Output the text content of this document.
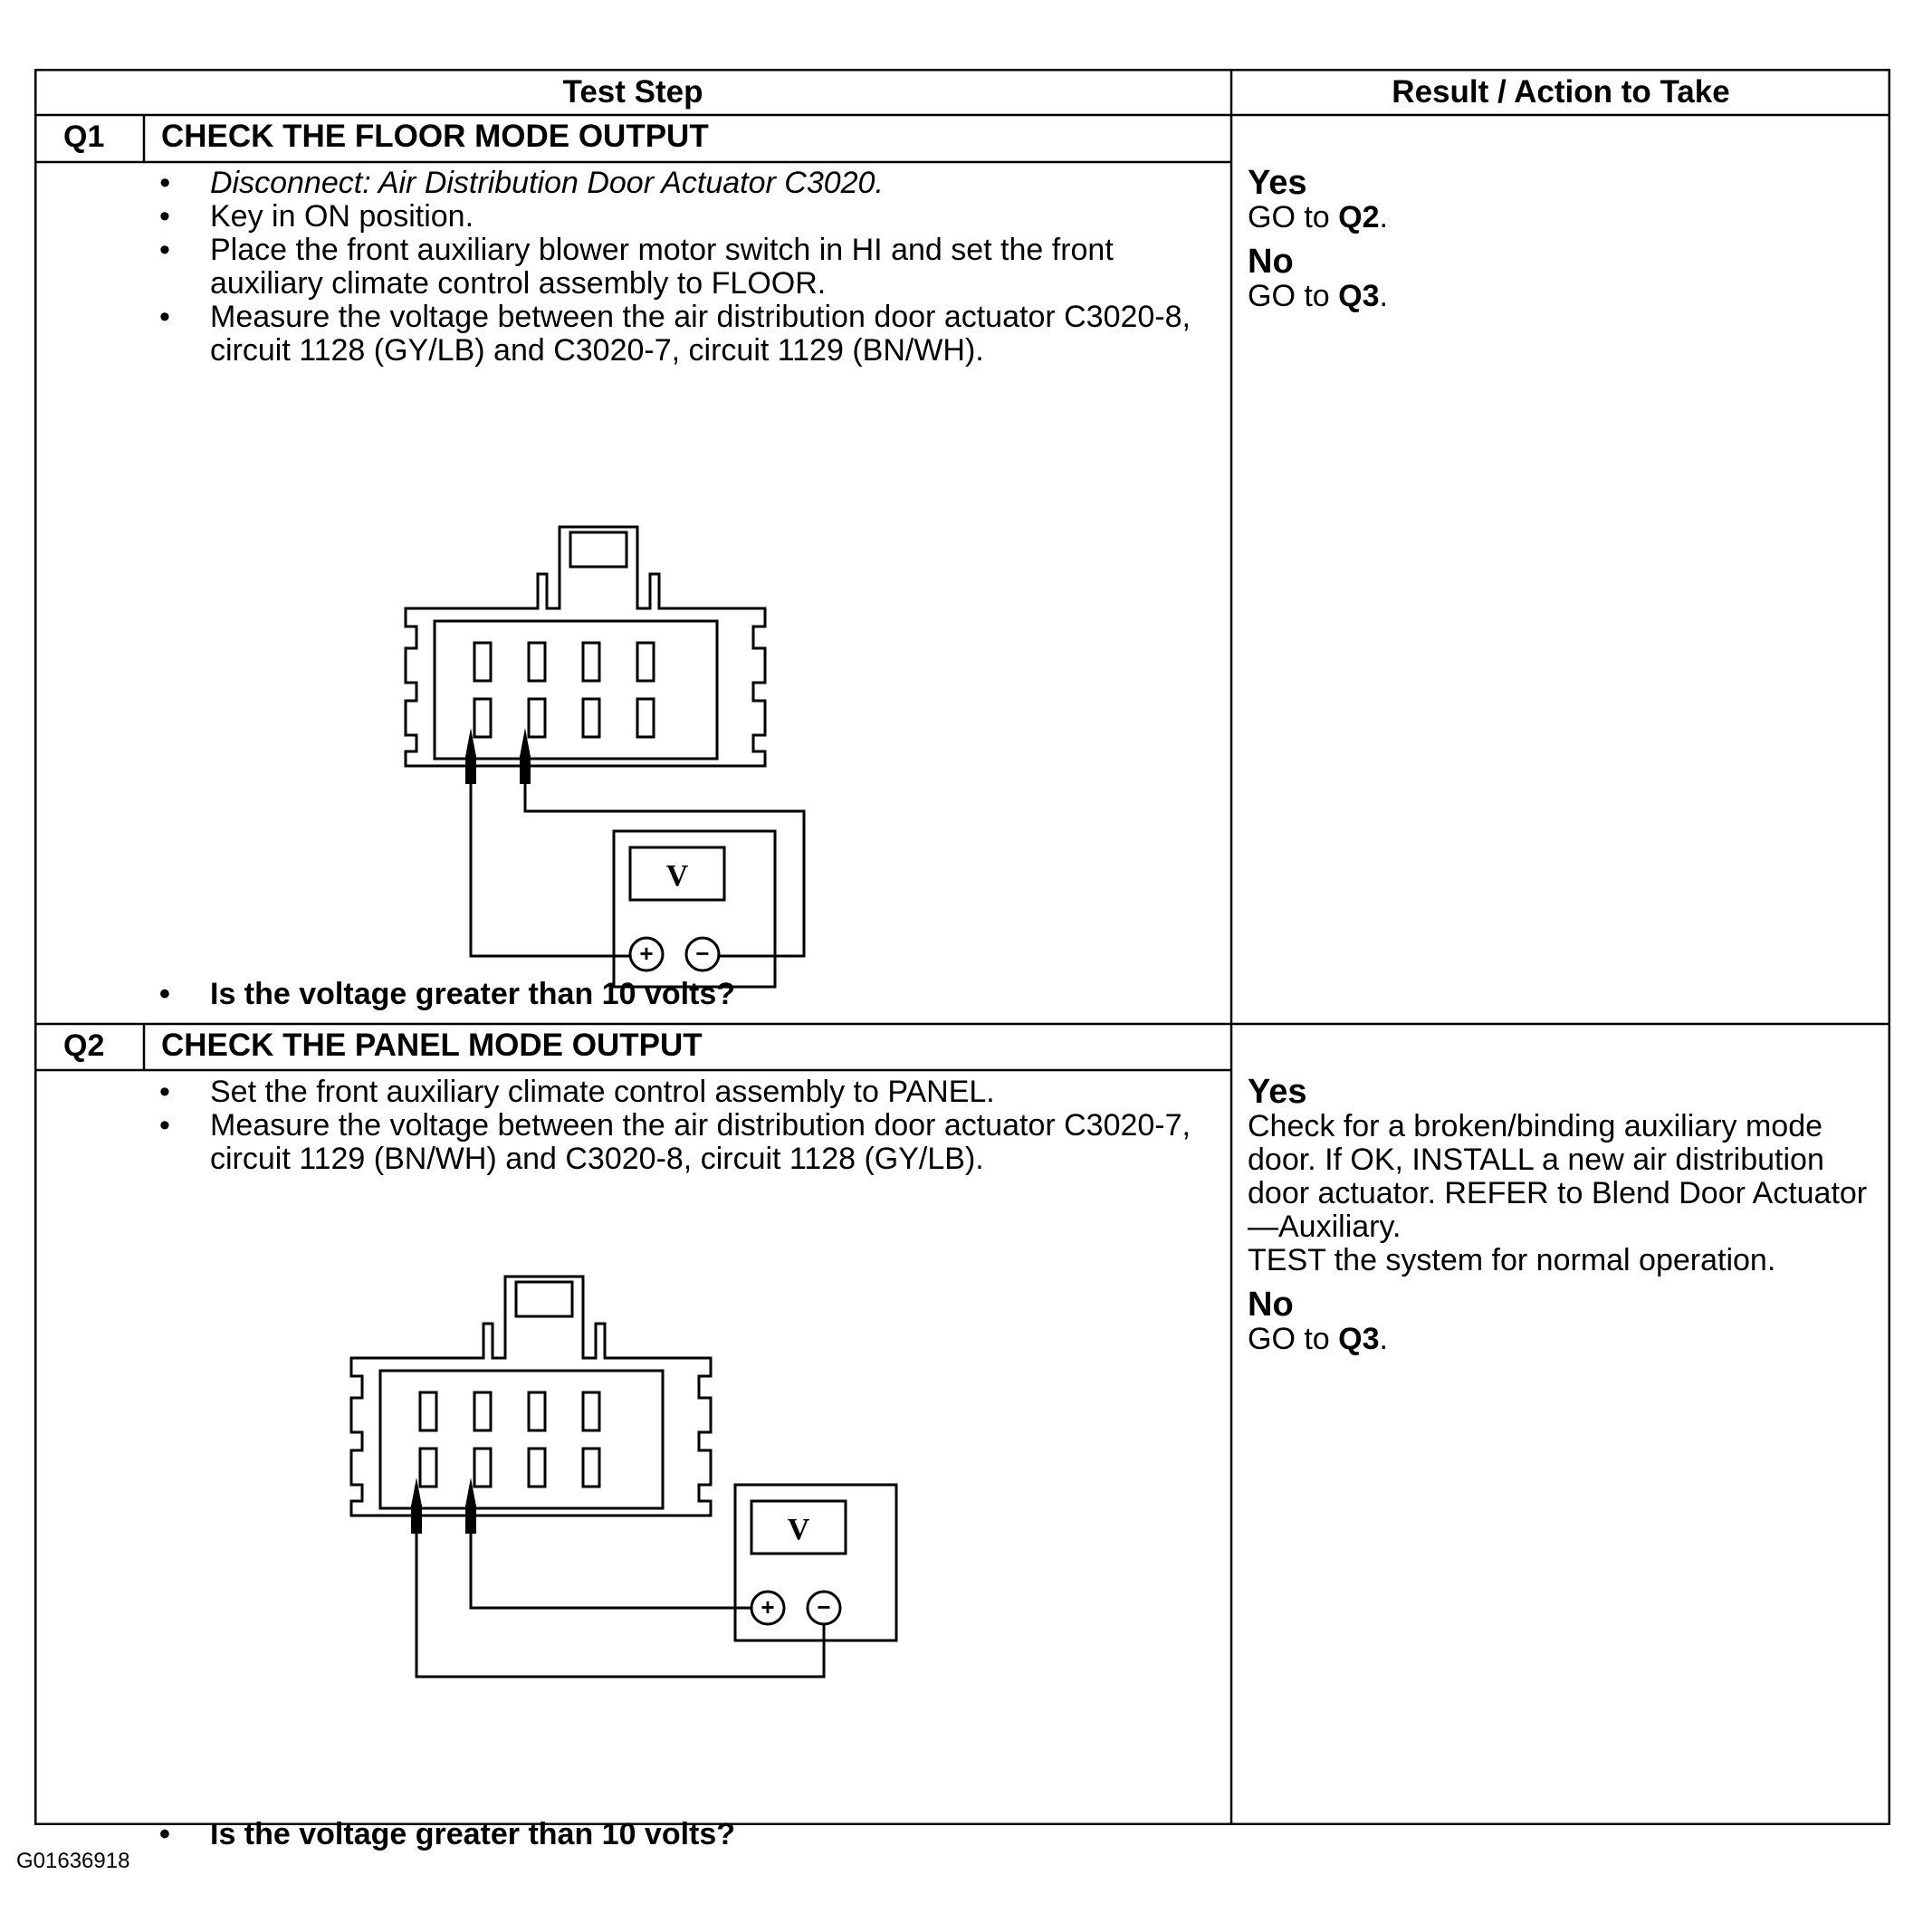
Test Step	Result / Action to Take
Q1 CHECK THE FLOOR MODE OUTPUT
• Disconnect: Air Distribution Door Actuator C3020.
• Key in ON position.
• Place the front auxiliary blower motor switch in HI and set the front auxiliary climate control assembly to FLOOR.
• Measure the voltage between the air distribution door actuator C3020-8, circuit 1128 (GY/LB) and C3020-7, circuit 1129 (BN/WH).
V
+ −
• Is the voltage greater than 10 volts?
Yes
GO to Q2.
No
GO to Q3.
Q2 CHECK THE PANEL MODE OUTPUT
• Set the front auxiliary climate control assembly to PANEL.
• Measure the voltage between the air distribution door actuator C3020-7, circuit 1129 (BN/WH) and C3020-8, circuit 1128 (GY/LB).
V
+ −
• Is the voltage greater than 10 volts?
Yes
Check for a broken/binding auxiliary mode door. If OK, INSTALL a new air distribution door actuator. REFER to Blend Door Actuator—Auxiliary.
TEST the system for normal operation.
No
GO to Q3.
G01636918
